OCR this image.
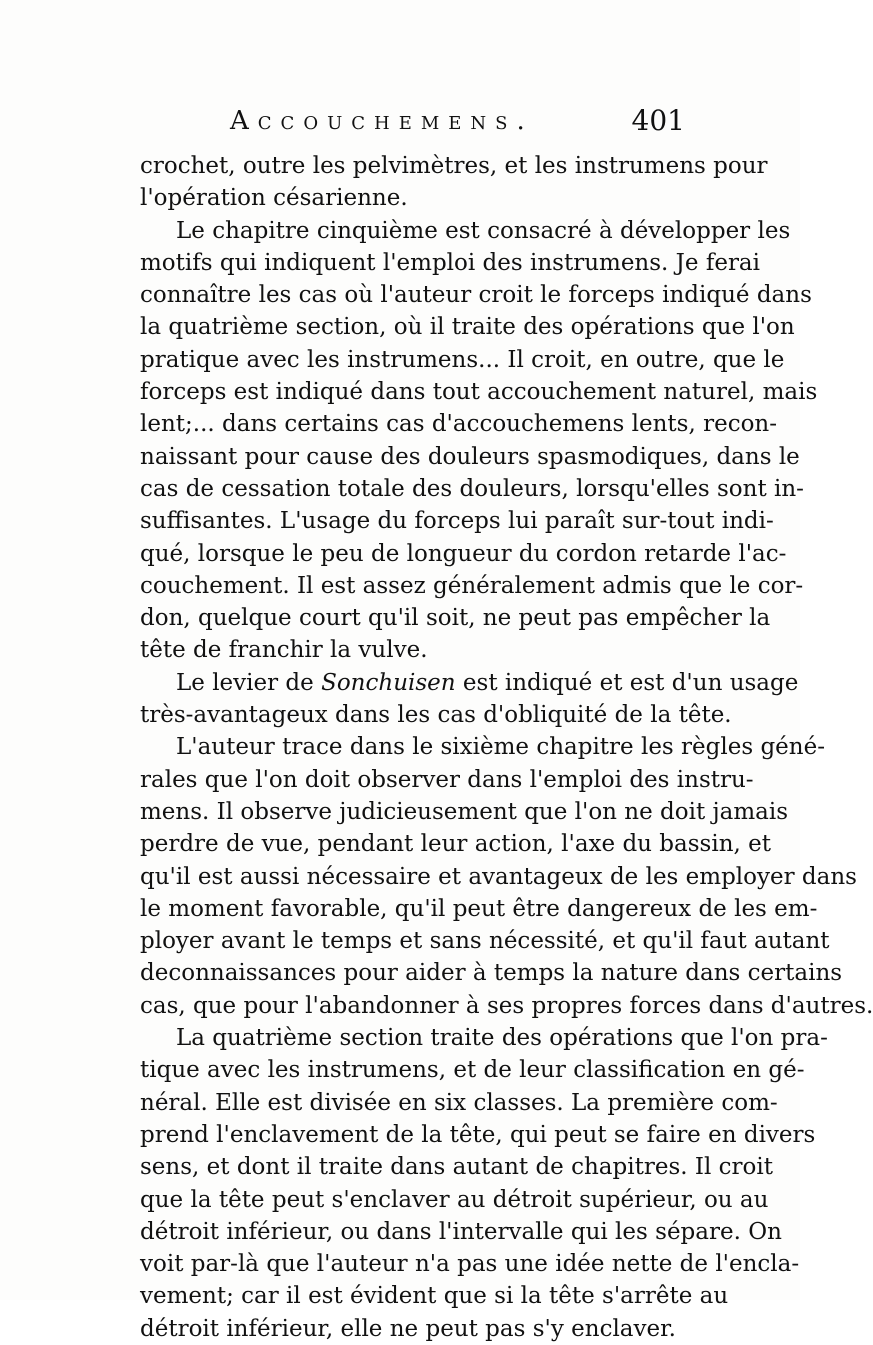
Accouchemens.	401
crochet, outre les pelvimètres, et les instrumens pour
l'opération césarienne.
Le chapitre cinquième est consacré à développer les
motifs qui indiquent l'emploi des instrumens. Je ferai
connaître les cas où l'auteur croit le forceps indiqué dans
la quatrième section, où il traite des opérations que l'on
pratique avec les instrumens... Il croit, en outre, que le
forceps est indiqué dans tout accouchement naturel, mais
lent;... dans certains cas d'accouchemens lents, recon-
naissant pour cause des douleurs spasmodiques, dans le
cas de cessation totale des douleurs, lorsqu'elles sont in-
suffisantes. L'usage du forceps lui paraît sur-tout indi-
qué, lorsque le peu de longueur du cordon retarde l'ac-
couchement. Il est assez généralement admis que le cor-
don, quelque court qu'il soit, ne peut pas empêcher la
tête de franchir la vulve.
Le levier de Sonchuisen est indiqué et est d'un usage
très-avantageux dans les cas d'obliquité de la tête.
L'auteur trace dans le sixième chapitre les règles géné-
rales que l'on doit observer dans l'emploi des instru-
mens. Il observe judicieusement que l'on ne doit jamais
perdre de vue, pendant leur action, l'axe du bassin, et
qu'il est aussi nécessaire et avantageux de les employer dans
le moment favorable, qu'il peut être dangereux de les em-
ployer avant le temps et sans nécessité, et qu'il faut autant
deconnaissances pour aider à temps la nature dans certains
cas, que pour l'abandonner à ses propres forces dans d'autres.
La quatrième section traite des opérations que l'on pra-
tique avec les instrumens, et de leur classification en gé-
néral. Elle est divisée en six classes. La première com-
prend l'enclavement de la tête, qui peut se faire en divers
sens, et dont il traite dans autant de chapitres. Il croit
que la tête peut s'enclaver au détroit supérieur, ou au
détroit inférieur, ou dans l'intervalle qui les sépare. On
voit par-là que l'auteur n'a pas une idée nette de l'encla-
vement; car il est évident que si la tête s'arrête au
détroit inférieur, elle ne peut pas s'y enclaver.
